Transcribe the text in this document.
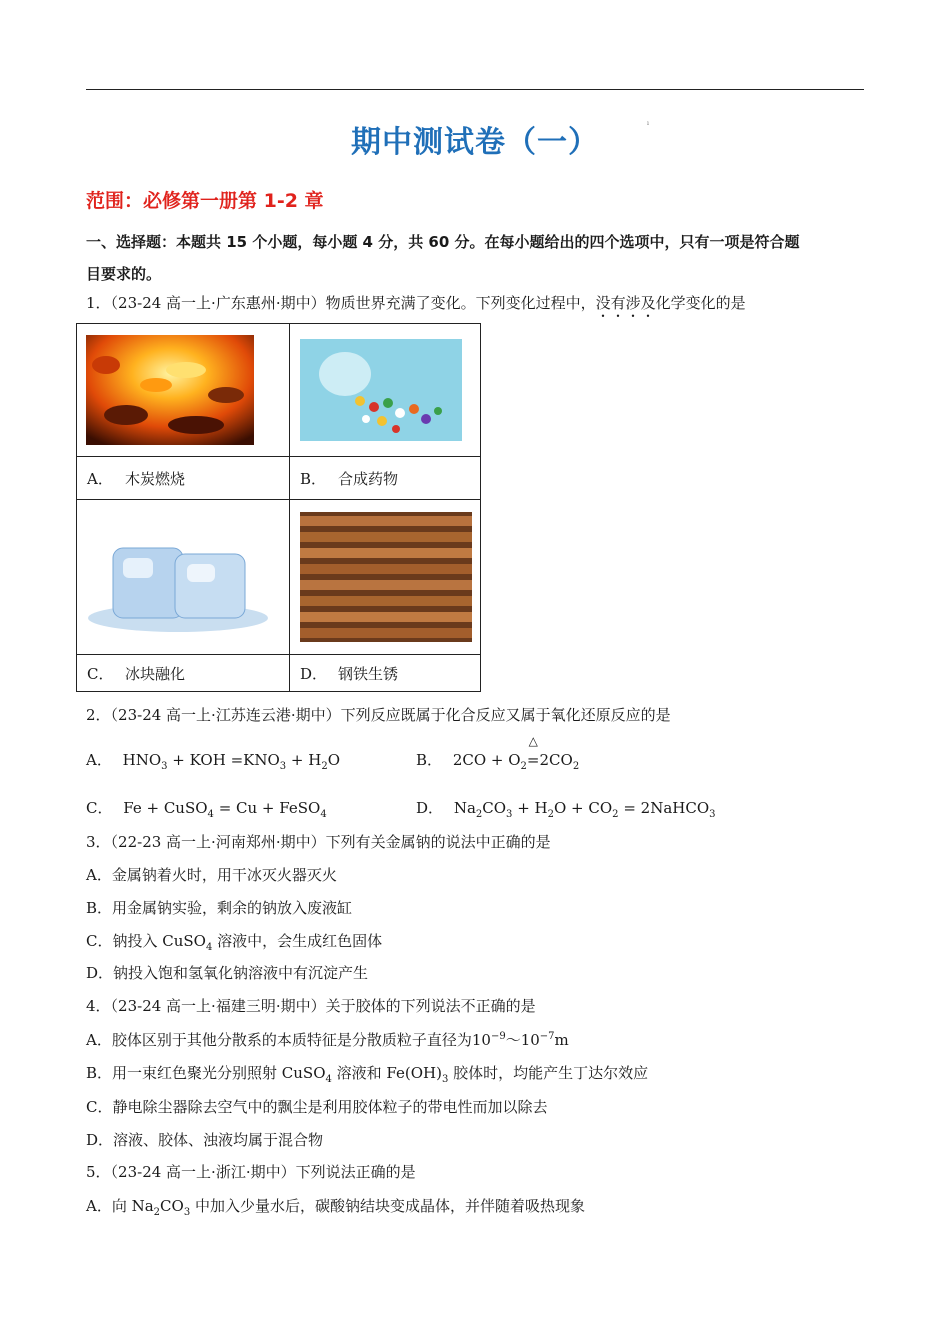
期中测试卷（一）
ı
范围：必修第一册第 1-2 章
一、选择题：本题共 15 个小题，每小题 4 分，共 60 分。在每小题给出的四个选项中，只有一项是符合题
目要求的。
1．（23-24 高一上·广东惠州·期中）物质世界充满了变化。下列变化过程中，没有涉及化学变化的是

A． 木炭燃烧	B． 合成药物

C． 冰块融化	D． 钢铁生锈
2．（23-24 高一上·江苏连云港·期中）下列反应既属于化合反应又属于氧化还原反应的是
A． $HNO_3$ + KOH $=KNO_3 + H_2O$	B． $2CO + O_2=$
△
$2CO_2$
C． Fe + CuSO$_4$ = Cu + FeSO$_4$	D． $Na_2CO_3 + H_2O + CO_2$ = 2NaHCO$_3$
3．（22-23 高一上·河南郑州·期中）下列有关金属钠的说法中正确的是
A．金属钠着火时，用干冰灭火器灭火
B．用金属钠实验，剩余的钠放入废液缸
C．钠投入 CuSO$_4$ 溶液中，会生成红色固体
D．钠投入饱和氢氧化钠溶液中有沉淀产生
4．（23-24 高一上·福建三明·期中）关于胶体的下列说法不正确的是
A．胶体区别于其他分散系的本质特征是分散质粒子直径为$10^{-9}\sim 10^{-7}m$
B．用一束红色聚光分别照射 CuSO$_4$ 溶液和 $Fe(OH)_3$ 胶体时，均能产生丁达尔效应
C．静电除尘器除去空气中的飘尘是利用胶体粒子的带电性而加以除去
D．溶液、胶体、浊液均属于混合物
5．（23-24 高一上·浙江·期中）下列说法正确的是
A．向 $Na_2CO_3$ 中加入少量水后，碳酸钠结块变成晶体，并伴随着吸热现象
